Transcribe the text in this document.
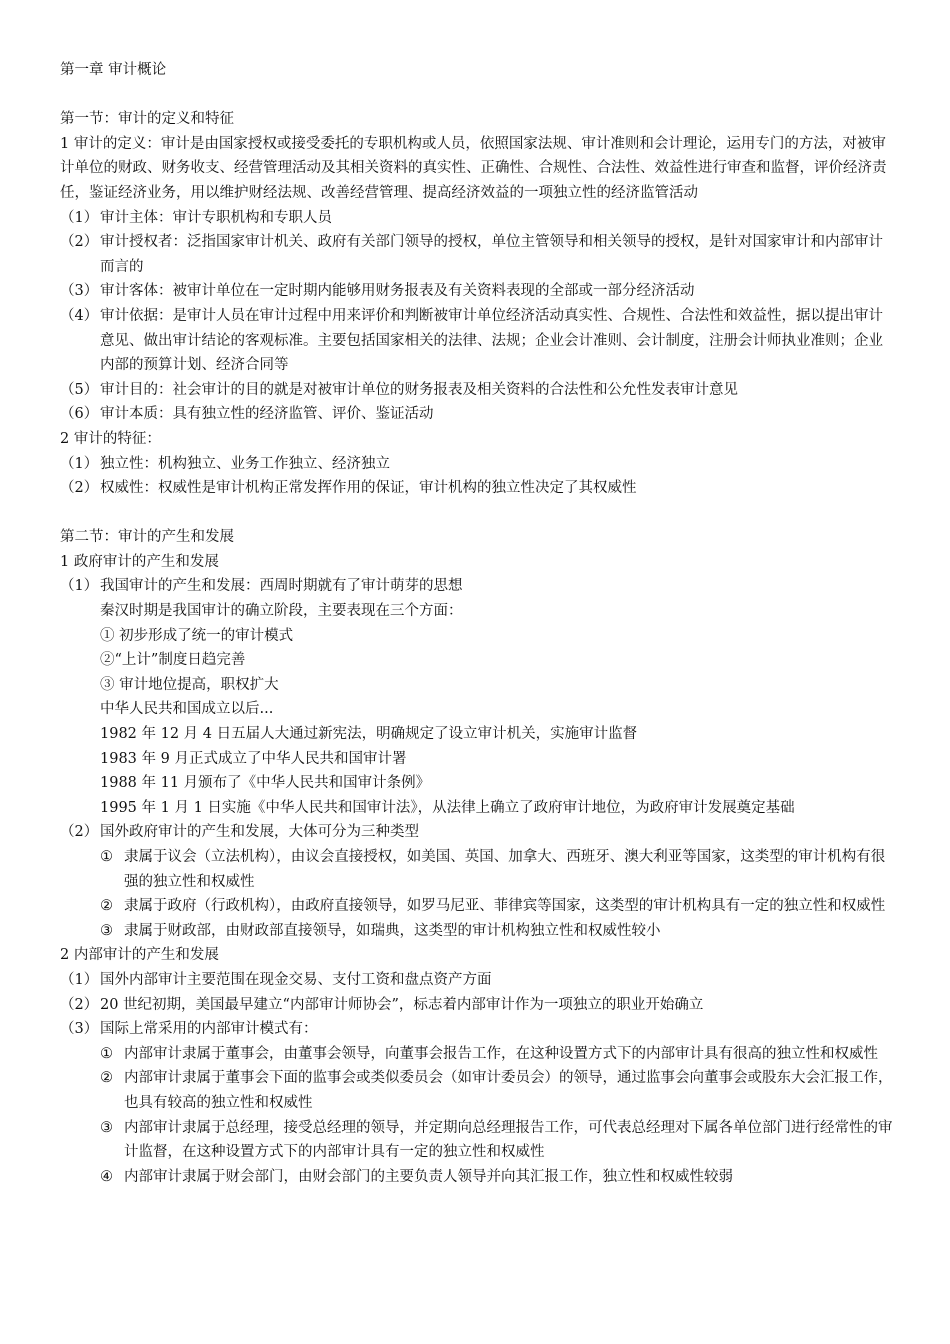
第一章 审计概论

第一节：审计的定义和特征

1 审计的定义：审计是由国家授权或接受委托的专职机构或人员，依照国家法规、审计准则和会计理论，运用专门的方法，对被审计单位的财政、财务收支、经营管理活动及其相关资料的真实性、正确性、合规性、合法性、效益性进行审查和监督，评价经济责任，鉴证经济业务，用以维护财经法规、改善经营管理、提高经济效益的一项独立性的经济监管活动

（1） 审计主体：审计专职机构和专职人员
（2） 审计授权者：泛指国家审计机关、政府有关部门领导的授权，单位主管领导和相关领导的授权，是针对国家审计和内部审计而言的
（3） 审计客体：被审计单位在一定时期内能够用财务报表及有关资料表现的全部或一部分经济活动
（4） 审计依据：是审计人员在审计过程中用来评价和判断被审计单位经济活动真实性、合规性、合法性和效益性，据以提出审计意见、做出审计结论的客观标准。主要包括国家相关的法律、法规；企业会计准则、会计制度，注册会计师执业准则；企业内部的预算计划、经济合同等
（5） 审计目的：社会审计的目的就是对被审计单位的财务报表及相关资料的合法性和公允性发表审计意见
（6） 审计本质：具有独立性的经济监管、评价、鉴证活动

2 审计的特征：

（1） 独立性：机构独立、业务工作独立、经济独立
（2） 权威性：权威性是审计机构正常发挥作用的保证，审计机构的独立性决定了其权威性

第二节：审计的产生和发展

1 政府审计的产生和发展

（1） 我国审计的产生和发展：西周时期就有了审计萌芽的思想

秦汉时期是我国审计的确立阶段，主要表现在三个方面：

① 初步形成了统一的审计模式

②“上计”制度日趋完善

③ 审计地位提高，职权扩大

中华人民共和国成立以后...

1982 年 12 月 4 日五届人大通过新宪法，明确规定了设立审计机关，实施审计监督

1983 年 9 月正式成立了中华人民共和国审计署

1988 年 11 月颁布了《中华人民共和国审计条例》

1995 年 1 月 1 日实施《中华人民共和国审计法》，从法律上确立了政府审计地位，为政府审计发展奠定基础

（2） 国外政府审计的产生和发展，大体可分为三种类型
① 隶属于议会（立法机构），由议会直接授权，如美国、英国、加拿大、西班牙、澳大利亚等国家，这类型的审计机构有很强的独立性和权威性
② 隶属于政府（行政机构），由政府直接领导，如罗马尼亚、菲律宾等国家，这类型的审计机构具有一定的独立性和权威性
③ 隶属于财政部，由财政部直接领导，如瑞典，这类型的审计机构独立性和权威性较小

2 内部审计的产生和发展

（1） 国外内部审计主要范围在现金交易、支付工资和盘点资产方面
（2） 20 世纪初期，美国最早建立“内部审计师协会”，标志着内部审计作为一项独立的职业开始确立
（3） 国际上常采用的内部审计模式有：
① 内部审计隶属于董事会，由董事会领导，向董事会报告工作，在这种设置方式下的内部审计具有很高的独立性和权威性
② 内部审计隶属于董事会下面的监事会或类似委员会（如审计委员会）的领导，通过监事会向董事会或股东大会汇报工作，也具有较高的独立性和权威性
③ 内部审计隶属于总经理，接受总经理的领导，并定期向总经理报告工作，可代表总经理对下属各单位部门进行经常性的审计监督，在这种设置方式下的内部审计具有一定的独立性和权威性
④ 内部审计隶属于财会部门，由财会部门的主要负责人领导并向其汇报工作，独立性和权威性较弱
